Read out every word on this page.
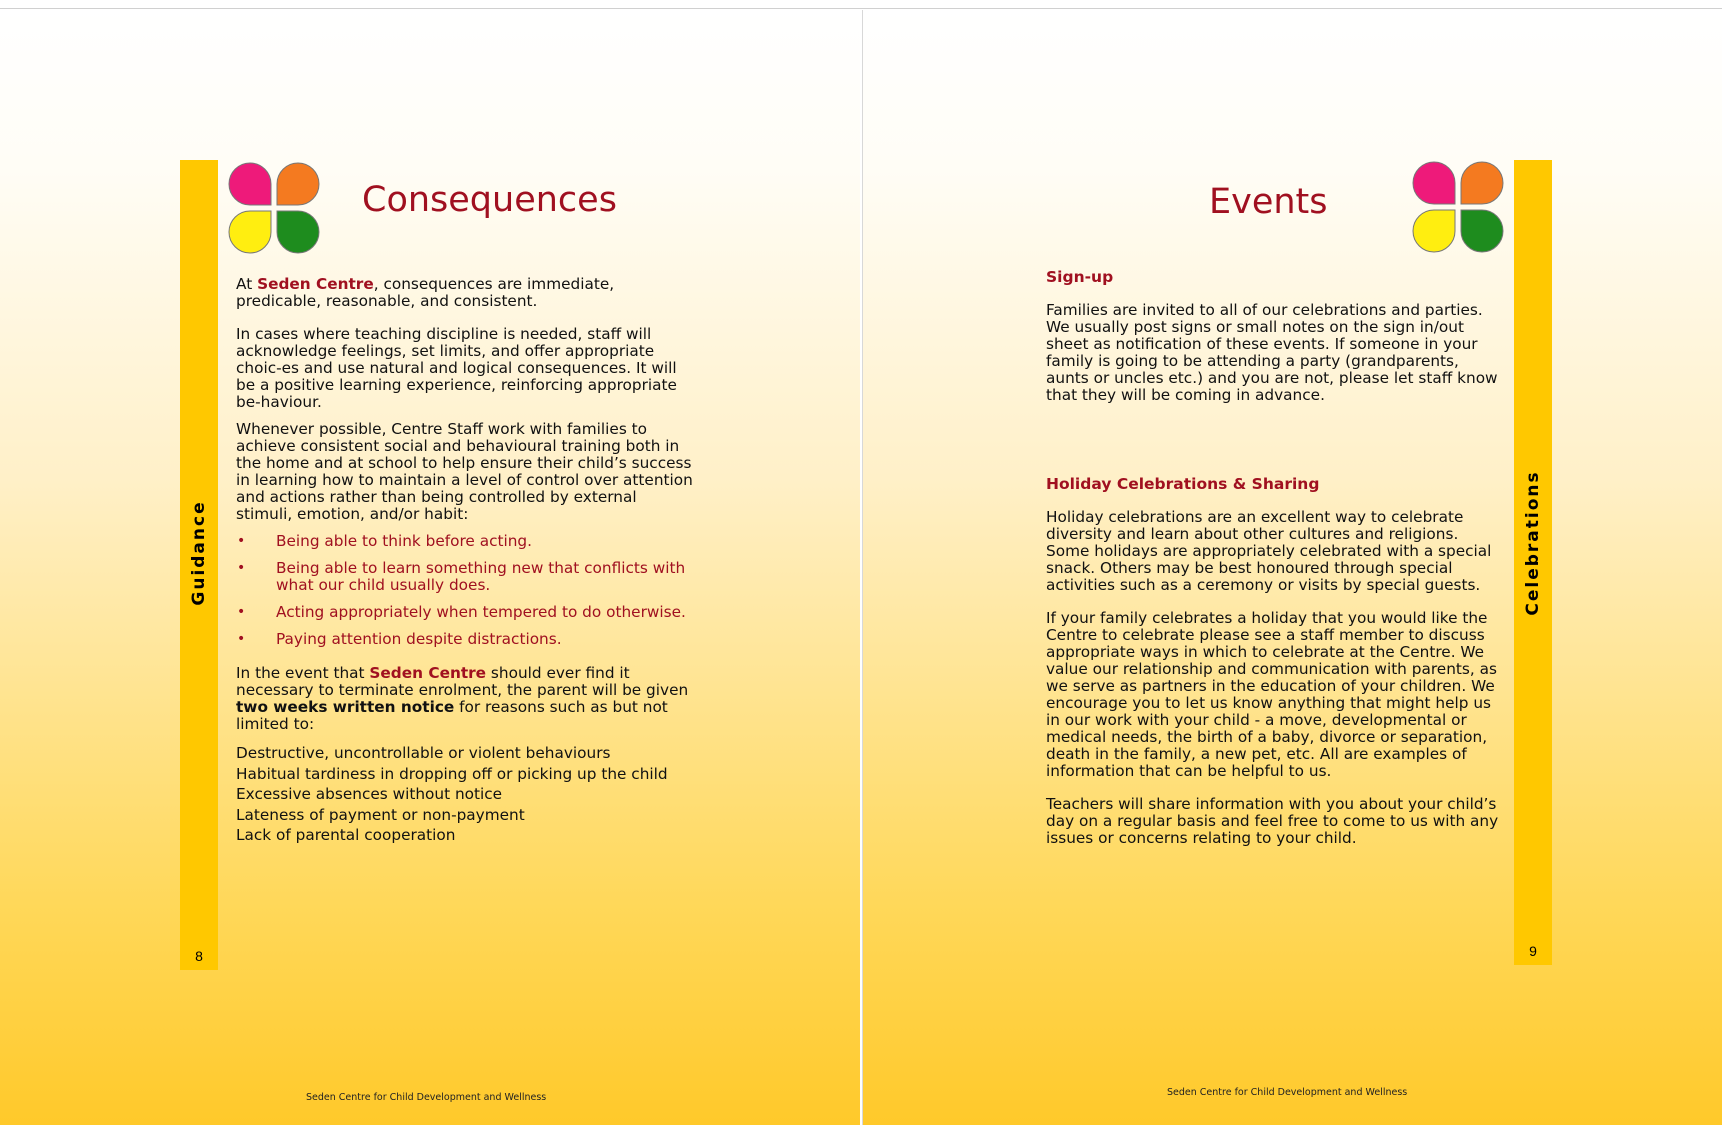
Guidance
8
Consequences

At Seden Centre, consequences are immediate, predicable, reasonable, and consistent.

In cases where teaching discipline is needed, staff will acknowledge feelings, set limits, and offer appropriate choic-es and use natural and logical consequences. It will be a positive learning experience, reinforcing appropriate be-haviour.

Whenever possible, Centre Staff work with families to achieve consistent social and behavioural training both in the home and at school to help ensure their child’s success in learning how to maintain a level of control over attention and actions rather than being controlled by external stimuli, emotion, and/or habit:

• Being able to think before acting.
• Being able to learn something new that conflicts with what our child usually does.
• Acting appropriately when tempered to do otherwise.
• Paying attention despite distractions.

In the event that Seden Centre should ever find it necessary to terminate enrolment, the parent will be given two weeks written notice for reasons such as but not limited to:

Destructive, uncontrollable or violent behaviours
Habitual tardiness in dropping off or picking up the child
Excessive absences without notice
Lateness of payment or non-payment
Lack of parental cooperation
Seden Centre for Child Development and Wellness
Celebrations
9
Events
Sign-up

Families are invited to all of our celebrations and parties. We usually post signs or small notes on the sign in/out sheet as notification of these events. If someone in your family is going to be attending a party (grandparents, aunts or uncles etc.) and you are not, please let staff know that they will be coming in advance.

Holiday Celebrations & Sharing

Holiday celebrations are an excellent way to celebrate diversity and learn about other cultures and religions. Some holidays are appropriately celebrated with a special snack. Others may be best honoured through special activities such as a ceremony or visits by special guests.

If your family celebrates a holiday that you would like the Centre to celebrate please see a staff member to discuss appropriate ways in which to celebrate at the Centre. We value our relationship and communication with parents, as we serve as partners in the education of your children. We encourage you to let us know anything that might help us in our work with your child - a move, developmental or medical needs, the birth of a baby, divorce or separation, death in the family, a new pet, etc. All are examples of information that can be helpful to us.

Teachers will share information with you about your child’s day on a regular basis and feel free to come to us with any issues or concerns relating to your child.

Seden Centre for Child Development and Wellness
